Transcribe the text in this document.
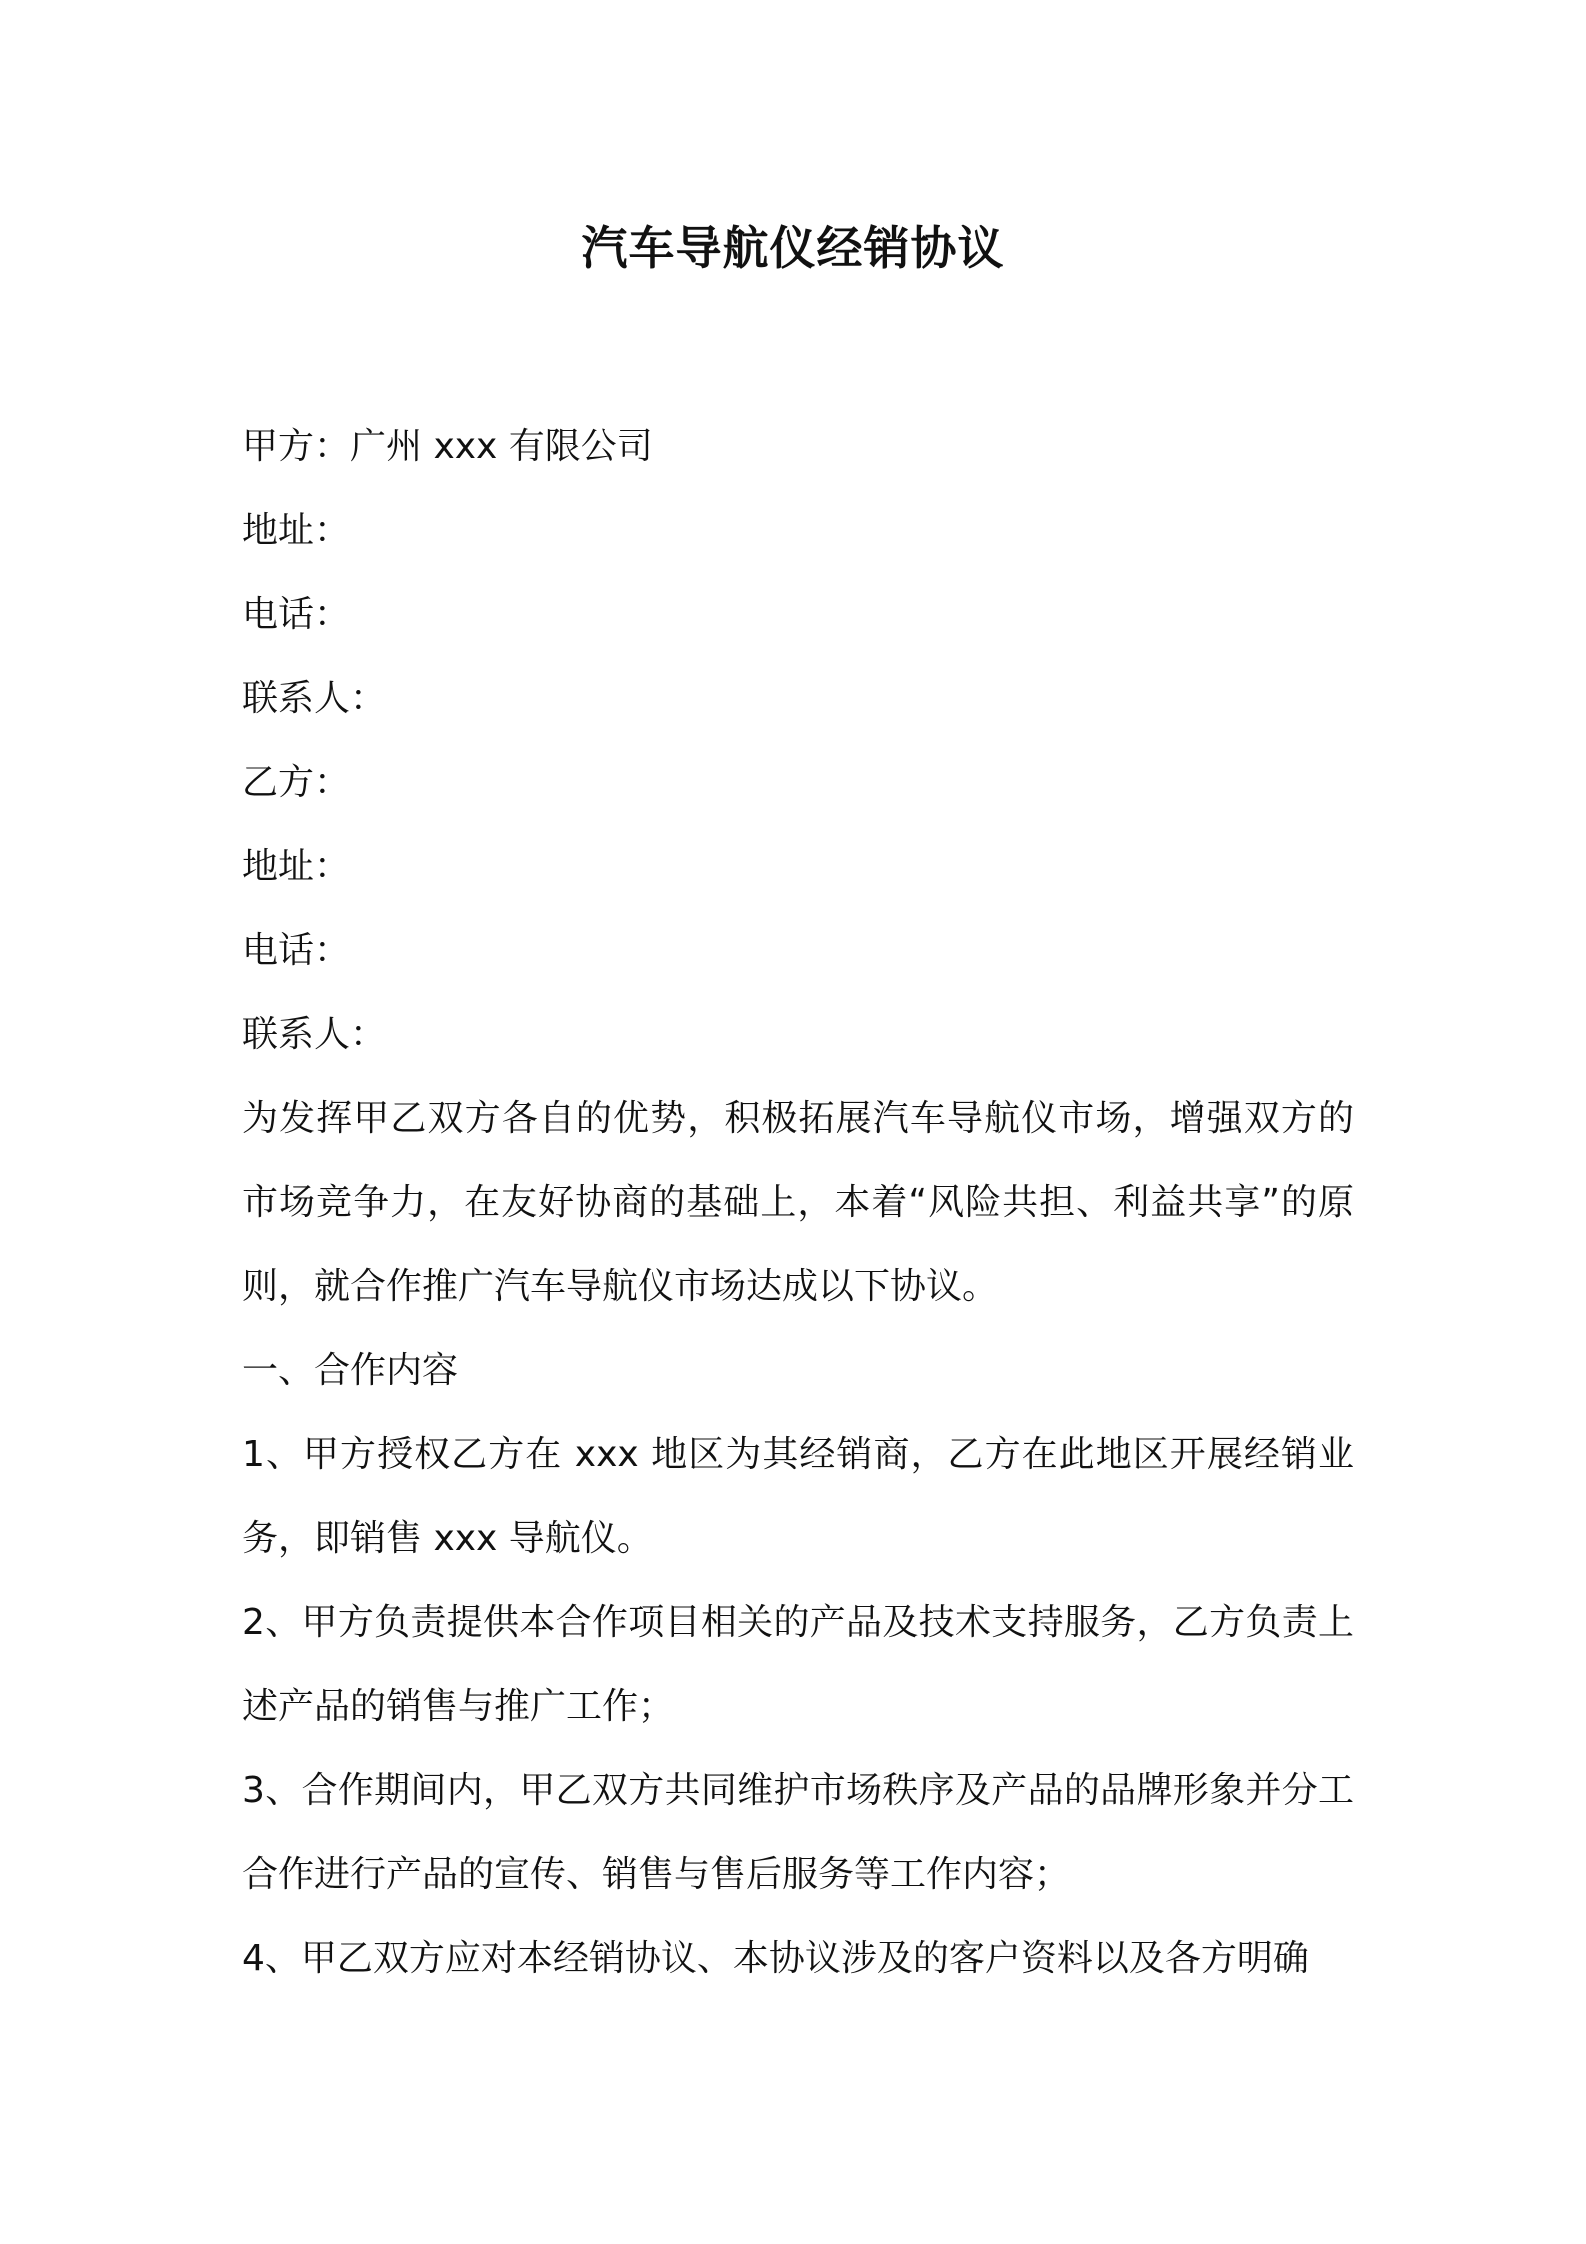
汽车导航仪经销协议

甲方：广州 xxx 有限公司

地址：

电话：

联系人：

乙方：

地址：

电话：

联系人：

为发挥甲乙双方各自的优势，积极拓展汽车导航仪市场，增强双方的市场竞争力，在友好协商的基础上，本着“风险共担、利益共享”的原则，就合作推广汽车导航仪市场达成以下协议。

一、合作内容

1、甲方授权乙方在 xxx 地区为其经销商，乙方在此地区开展经销业务，即销售 xxx 导航仪。

2、甲方负责提供本合作项目相关的产品及技术支持服务，乙方负责上述产品的销售与推广工作；

3、合作期间内，甲乙双方共同维护市场秩序及产品的品牌形象并分工合作进行产品的宣传、销售与售后服务等工作内容；

4、甲乙双方应对本经销协议、本协议涉及的客户资料以及各方明确
